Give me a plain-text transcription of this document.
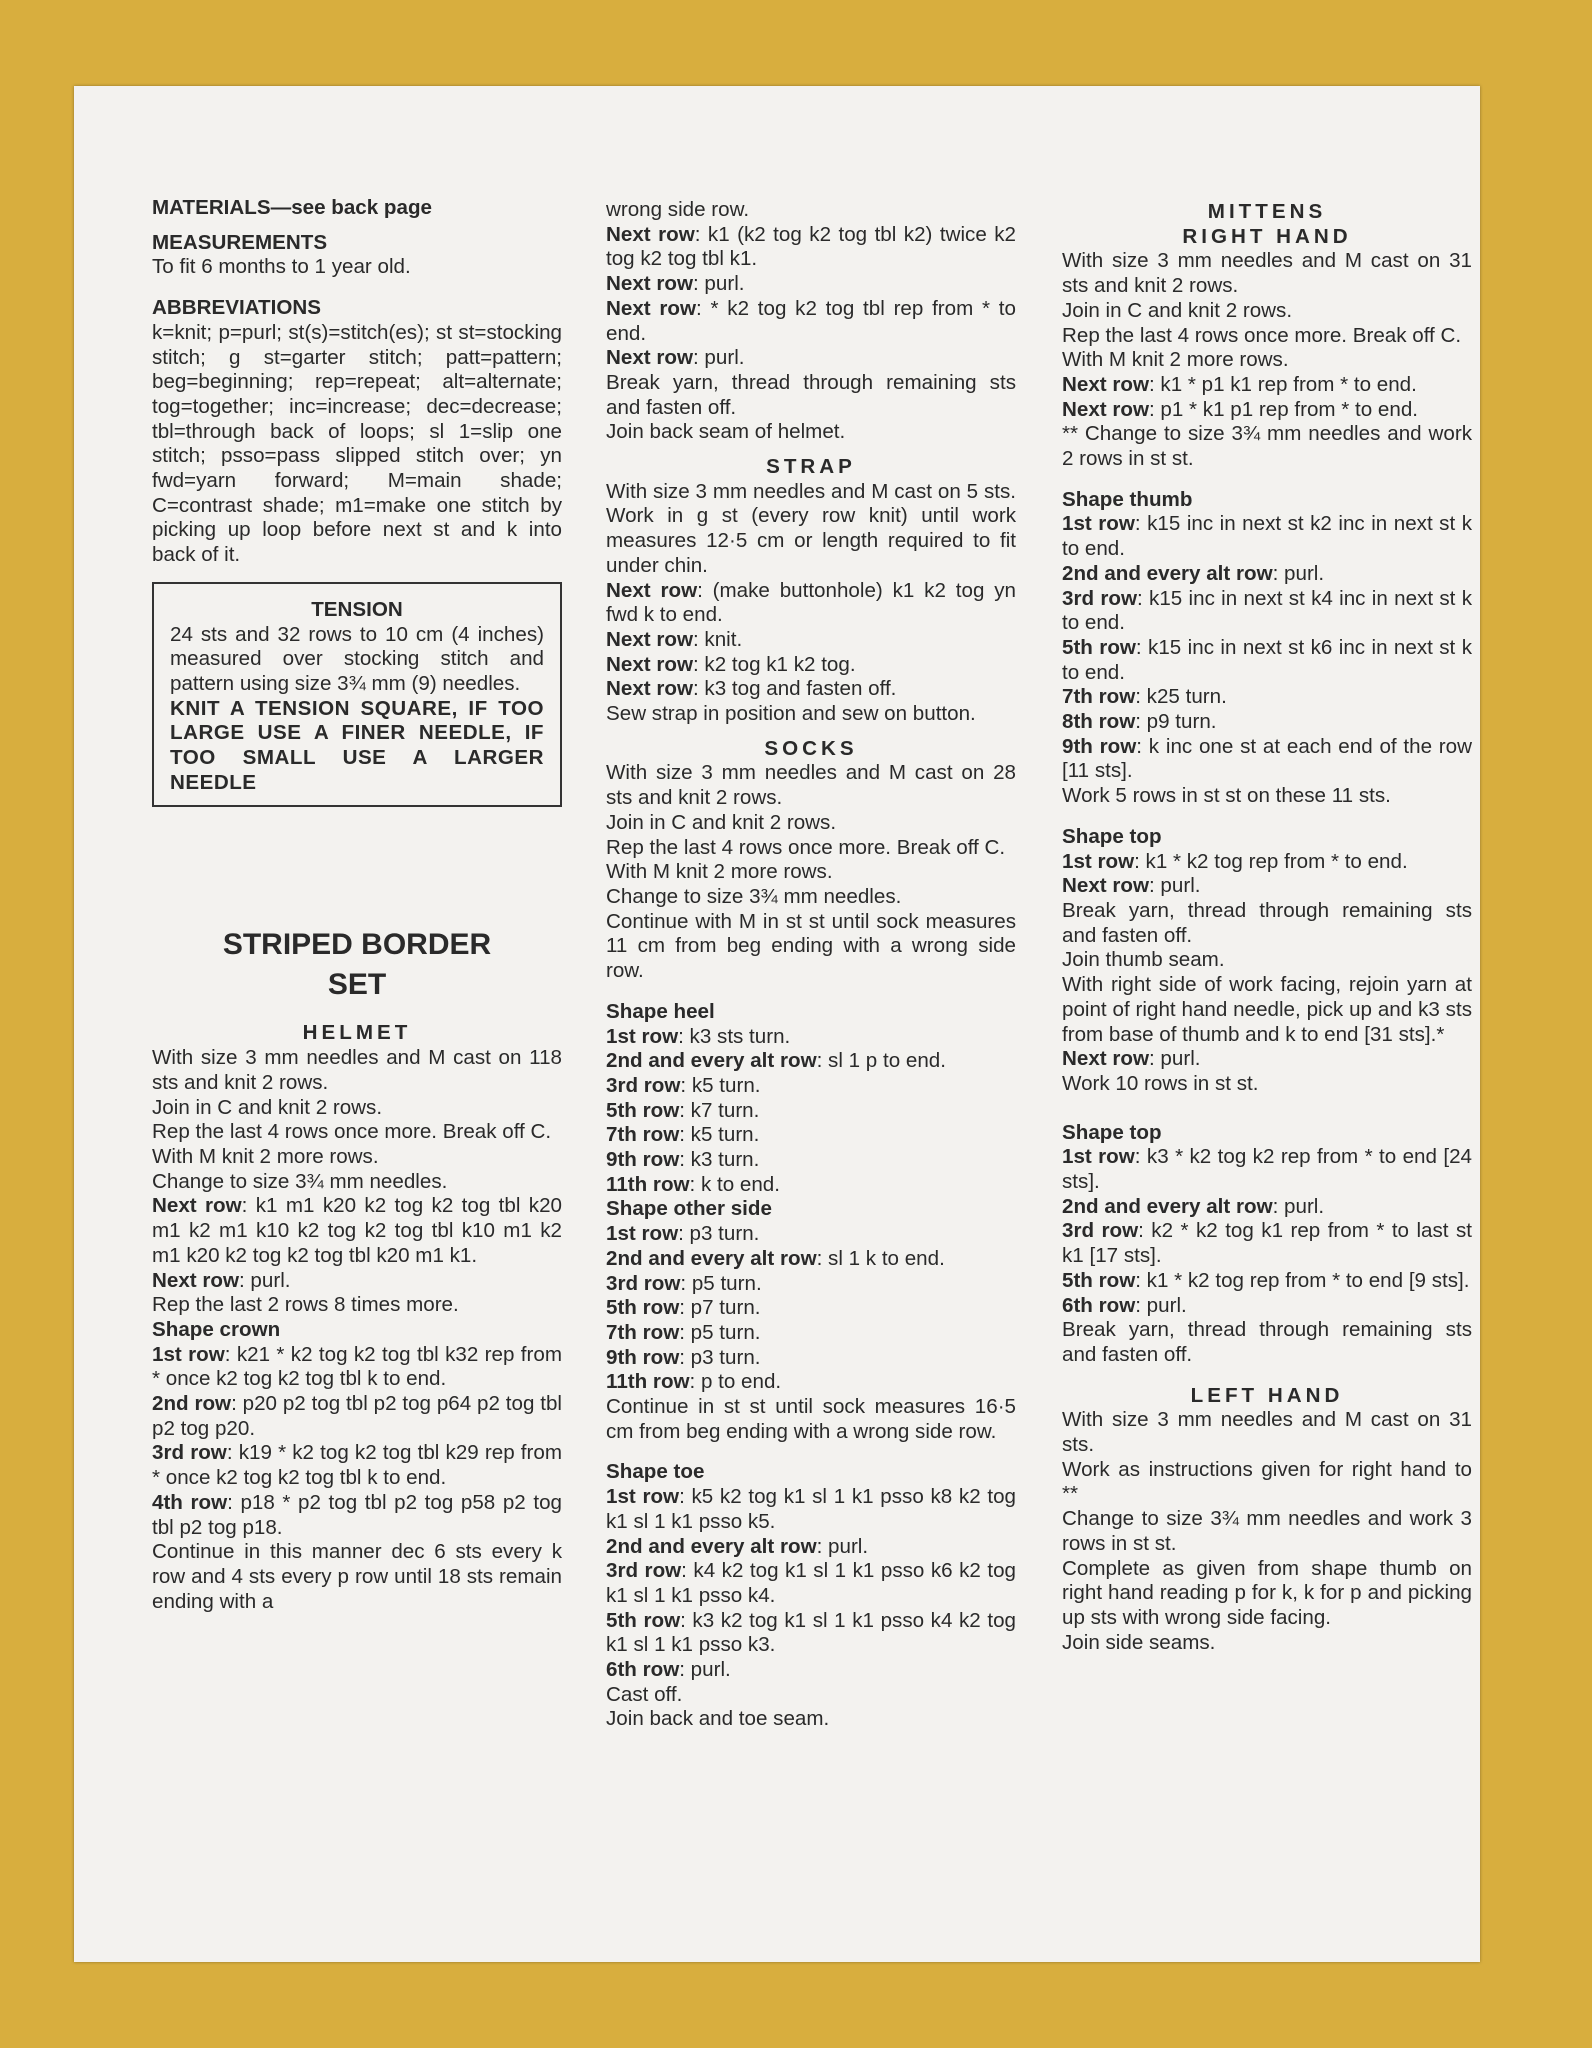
MATERIALS—see back page

MEASUREMENTS

To fit 6 months to 1 year old.

ABBREVIATIONS

k=knit; p=purl; st(s)=stitch(es); st st=stocking stitch; g st=garter stitch; patt=pattern; beg=beginning; rep=repeat; alt=alternate; tog=together; inc=increase; dec=decrease; tbl=through back of loops; sl 1=slip one stitch; psso=pass slipped stitch over; yn fwd=yarn forward; M=main shade; C=contrast shade; m1=make one stitch by picking up loop before next st and k into back of it.

TENSION

24 sts and 32 rows to 10 cm (4 inches) measured over stocking stitch and pattern using size 3¾ mm (9) needles.

KNIT A TENSION SQUARE, IF TOO LARGE USE A FINER NEEDLE, IF TOO SMALL USE A LARGER NEEDLE

STRIPED BORDER

SET

HELMET

With size 3 mm needles and M cast on 118 sts and knit 2 rows.

Join in C and knit 2 rows.

Rep the last 4 rows once more. Break off C.

With M knit 2 more rows.

Change to size 3¾ mm needles.

Next row: k1 m1 k20 k2 tog k2 tog tbl k20 m1 k2 m1 k10 k2 tog k2 tog tbl k10 m1 k2 m1 k20 k2 tog k2 tog tbl k20 m1 k1.

Next row: purl.

Rep the last 2 rows 8 times more.

Shape crown

1st row: k21 * k2 tog k2 tog tbl k32 rep from * once k2 tog k2 tog tbl k to end.

2nd row: p20 p2 tog tbl p2 tog p64 p2 tog tbl p2 tog p20.

3rd row: k19 * k2 tog k2 tog tbl k29 rep from * once k2 tog k2 tog tbl k to end.

4th row: p18 * p2 tog tbl p2 tog p58 p2 tog tbl p2 tog p18.

Continue in this manner dec 6 sts every k row and 4 sts every p row until 18 sts remain ending with a

wrong side row.

Next row: k1 (k2 tog k2 tog tbl k2) twice k2 tog k2 tog tbl k1.

Next row: purl.

Next row: * k2 tog k2 tog tbl rep from * to end.

Next row: purl.

Break yarn, thread through remaining sts and fasten off.

Join back seam of helmet.

STRAP

With size 3 mm needles and M cast on 5 sts. Work in g st (every row knit) until work measures 12·5 cm or length required to fit under chin.

Next row: (make buttonhole) k1 k2 tog yn fwd k to end.

Next row: knit.

Next row: k2 tog k1 k2 tog.

Next row: k3 tog and fasten off.

Sew strap in position and sew on button.

SOCKS

With size 3 mm needles and M cast on 28 sts and knit 2 rows.

Join in C and knit 2 rows.

Rep the last 4 rows once more. Break off C.

With M knit 2 more rows.

Change to size 3¾ mm needles.

Continue with M in st st until sock measures 11 cm from beg ending with a wrong side row.

Shape heel

1st row: k3 sts turn.

2nd and every alt row: sl 1 p to end.

3rd row: k5 turn.

5th row: k7 turn.

7th row: k5 turn.

9th row: k3 turn.

11th row: k to end.

Shape other side

1st row: p3 turn.

2nd and every alt row: sl 1 k to end.

3rd row: p5 turn.

5th row: p7 turn.

7th row: p5 turn.

9th row: p3 turn.

11th row: p to end.

Continue in st st until sock measures 16·5 cm from beg ending with a wrong side row.

Shape toe

1st row: k5 k2 tog k1 sl 1 k1 psso k8 k2 tog k1 sl 1 k1 psso k5.

2nd and every alt row: purl.

3rd row: k4 k2 tog k1 sl 1 k1 psso k6 k2 tog k1 sl 1 k1 psso k4.

5th row: k3 k2 tog k1 sl 1 k1 psso k4 k2 tog k1 sl 1 k1 psso k3.

6th row: purl.

Cast off.

Join back and toe seam.

MITTENS
RIGHT HAND

With size 3 mm needles and M cast on 31 sts and knit 2 rows.

Join in C and knit 2 rows.

Rep the last 4 rows once more. Break off C.

With M knit 2 more rows.

Next row: k1 * p1 k1 rep from * to end.

Next row: p1 * k1 p1 rep from * to end.

** Change to size 3¾ mm needles and work 2 rows in st st.

Shape thumb

1st row: k15 inc in next st k2 inc in next st k to end.

2nd and every alt row: purl.

3rd row: k15 inc in next st k4 inc in next st k to end.

5th row: k15 inc in next st k6 inc in next st k to end.

7th row: k25 turn.

8th row: p9 turn.

9th row: k inc one st at each end of the row [11 sts].

Work 5 rows in st st on these 11 sts.

Shape top

1st row: k1 * k2 tog rep from * to end.

Next row: purl.

Break yarn, thread through remaining sts and fasten off.

Join thumb seam.

With right side of work facing, rejoin yarn at point of right hand needle, pick up and k3 sts from base of thumb and k to end [31 sts].*

Next row: purl.

Work 10 rows in st st.

Shape top

1st row: k3 * k2 tog k2 rep from * to end [24 sts].

2nd and every alt row: purl.

3rd row: k2 * k2 tog k1 rep from * to last st k1 [17 sts].

5th row: k1 * k2 tog rep from * to end [9 sts].

6th row: purl.

Break yarn, thread through remaining sts and fasten off.

LEFT HAND

With size 3 mm needles and M cast on 31 sts.

Work as instructions given for right hand to **

Change to size 3¾ mm needles and work 3 rows in st st.

Complete as given from shape thumb on right hand reading p for k, k for p and picking up sts with wrong side facing.

Join side seams.
